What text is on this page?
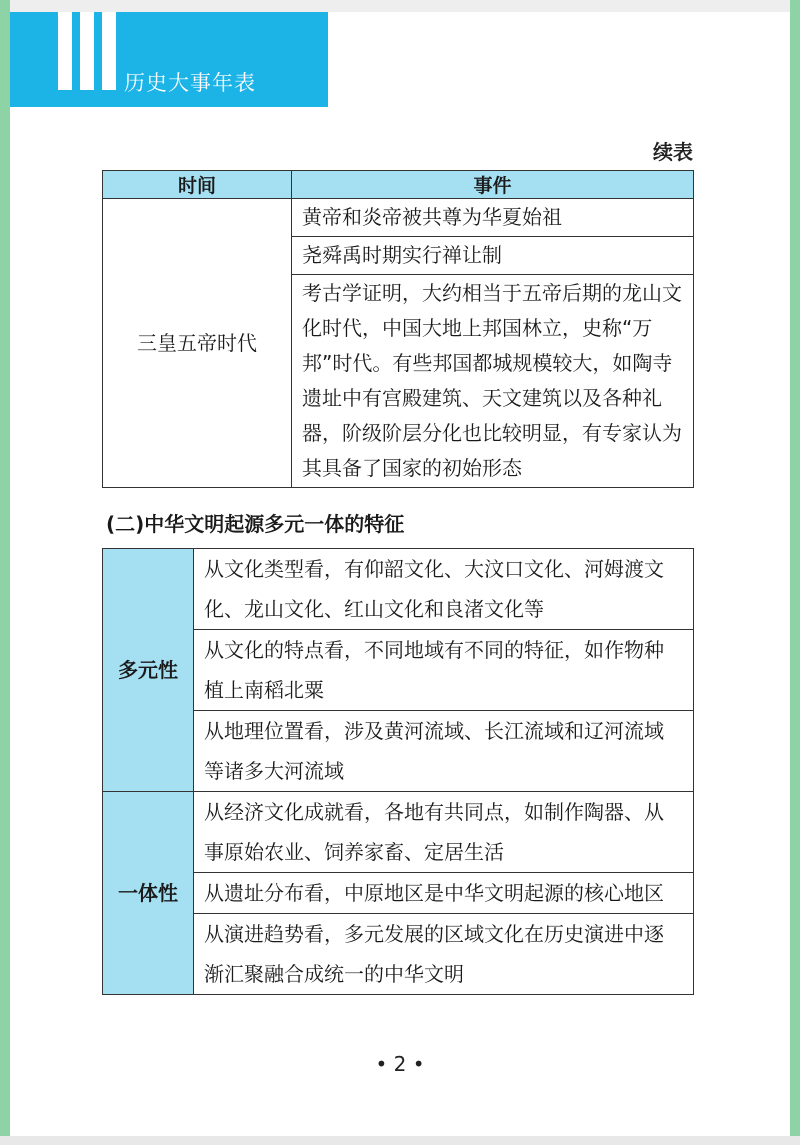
历史大事年表
续表
时间	事件
三皇五帝时代	黄帝和炎帝被共尊为华夏始祖
	尧舜禹时期实行禅让制
	考古学证明，大约相当于五帝后期的龙山文化时代，中国大地上邦国林立，史称“万邦”时代。有些邦国都城规模较大，如陶寺遗址中有宫殿建筑、天文建筑以及各种礼器，阶级阶层分化也比较明显，有专家认为其具备了国家的初始形态
(二)中华文明起源多元一体的特征
多元性	从文化类型看，有仰韶文化、大汶口文化、河姆渡文化、龙山文化、红山文化和良渚文化等
	从文化的特点看，不同地域有不同的特征，如作物种植上南稻北粟
	从地理位置看，涉及黄河流域、长江流域和辽河流域等诸多大河流域
一体性	从经济文化成就看，各地有共同点，如制作陶器、从事原始农业、饲养家畜、定居生活
	从遗址分布看，中原地区是中华文明起源的核心地区
	从演进趋势看，多元发展的区域文化在历史演进中逐渐汇聚融合成统一的中华文明
• 2 •
